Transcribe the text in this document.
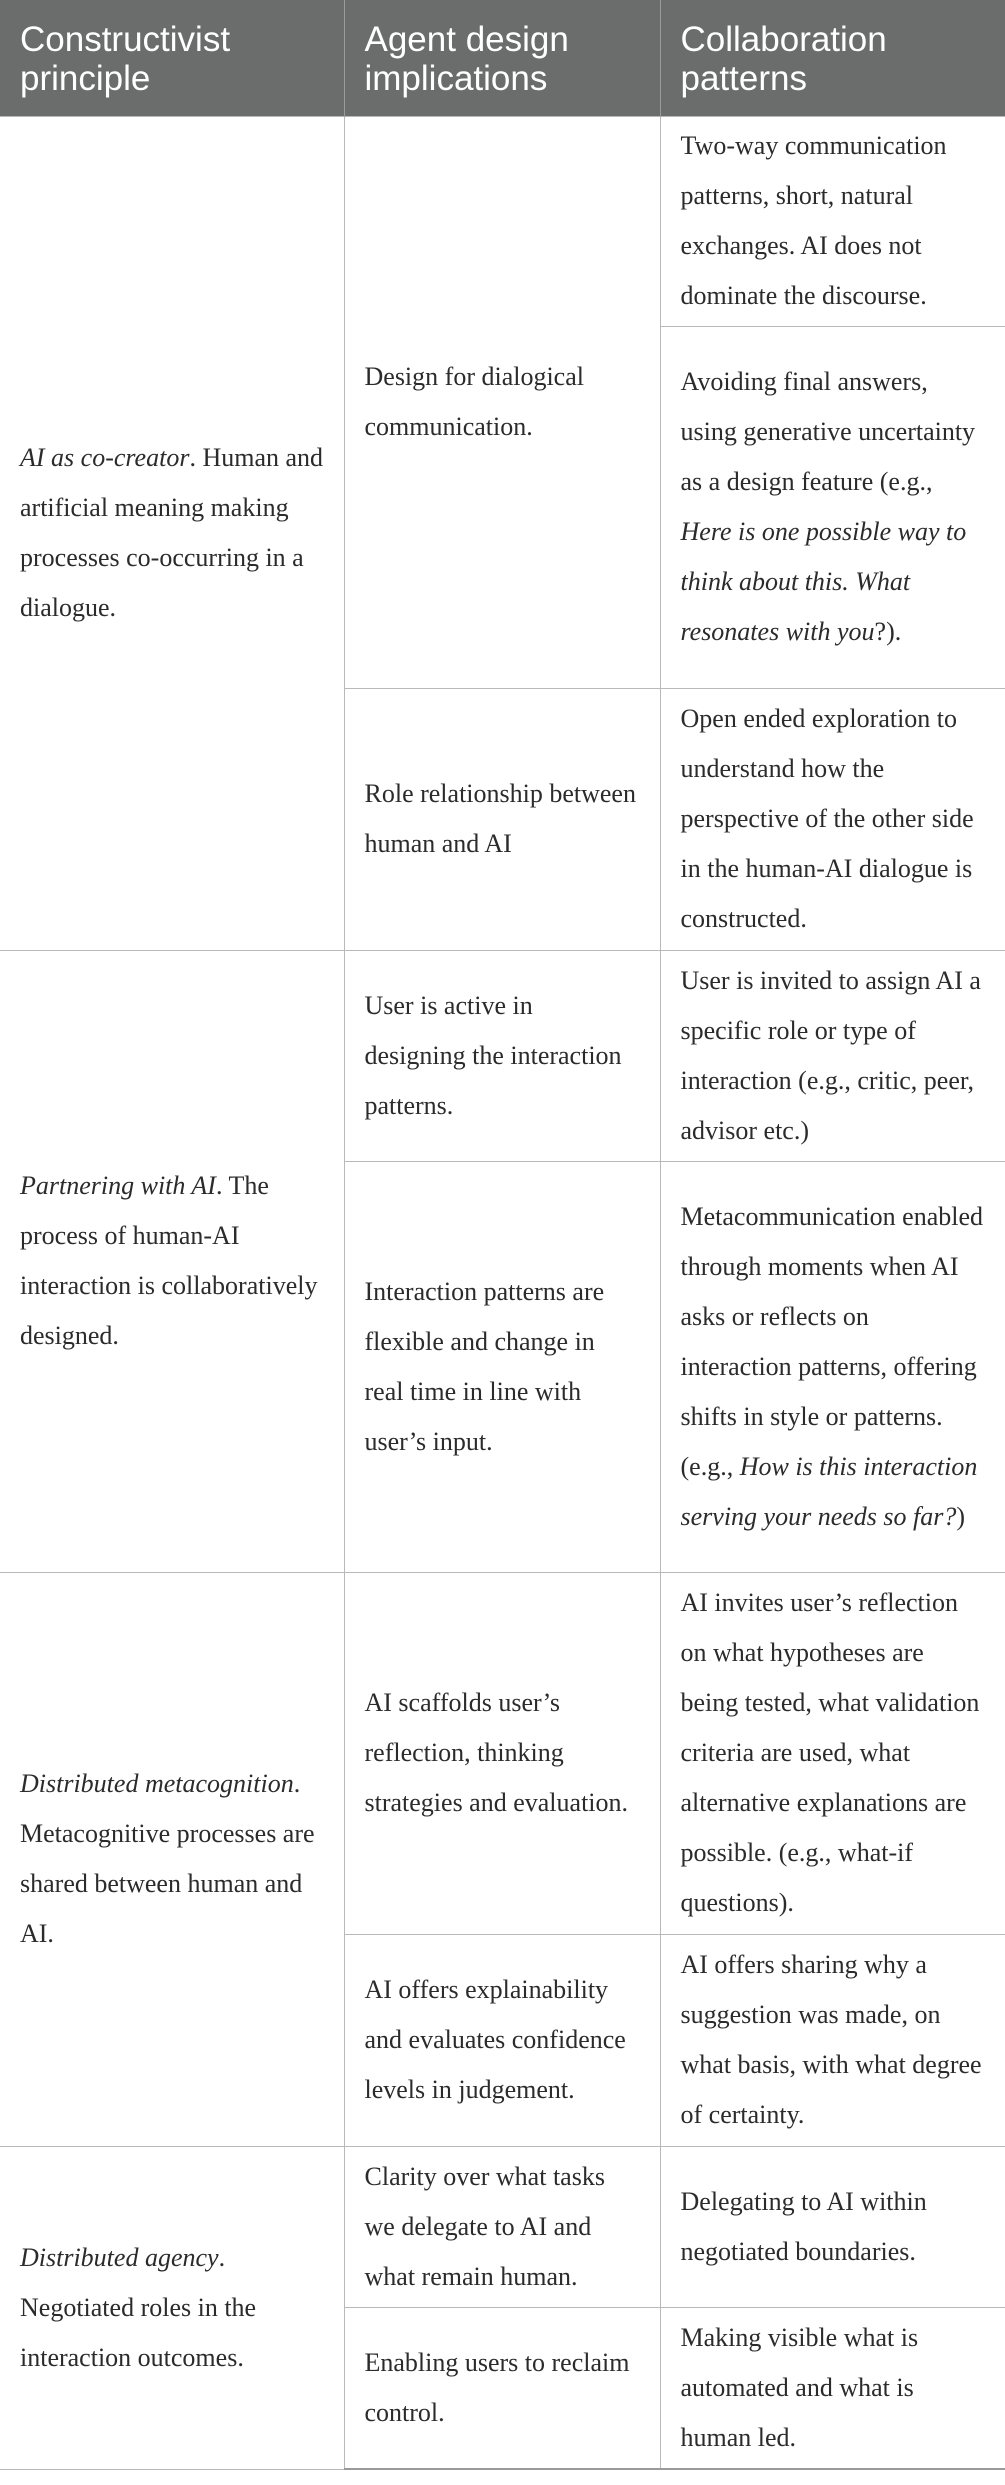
Constructivist principle	Agent design implications	Collaboration patterns
AI as co-creator. Human and artificial meaning making processes co-occurring in a dialogue.	Design for dialogical communication.	Two-way communication patterns, short, natural exchanges. AI does not dominate the discourse.
		Avoiding final answers, using generative uncertainty as a design feature (e.g., Here is one possible way to think about this. What resonates with you?).
	Role relationship between human and AI	Open ended exploration to understand how the perspective of the other side in the human-AI dialogue is constructed.
Partnering with AI. The process of human-AI interaction is collaboratively designed.	User is active in designing the interaction patterns.	User is invited to assign AI a specific role or type of interaction (e.g., critic, peer, advisor etc.)
	Interaction patterns are flexible and change in real time in line with user’s input.	Metacommunication enabled through moments when AI asks or reflects on interaction patterns, offering shifts in style or patterns. (e.g., How is this interaction serving your needs so far?)
Distributed metacognition. Metacognitive processes are shared between human and AI.	AI scaffolds user’s reflection, thinking strategies and evaluation.	AI invites user’s reflection on what hypotheses are being tested, what validation criteria are used, what alternative explanations are possible. (e.g., what-if questions).
	AI offers explainability and evaluates confidence levels in judgement.	AI offers sharing why a suggestion was made, on what basis, with what degree of certainty.
Distributed agency. Negotiated roles in the interaction outcomes.	Clarity over what tasks we delegate to AI and what remain human.	Delegating to AI within negotiated boundaries.
	Enabling users to reclaim control.	Making visible what is automated and what is human led.
